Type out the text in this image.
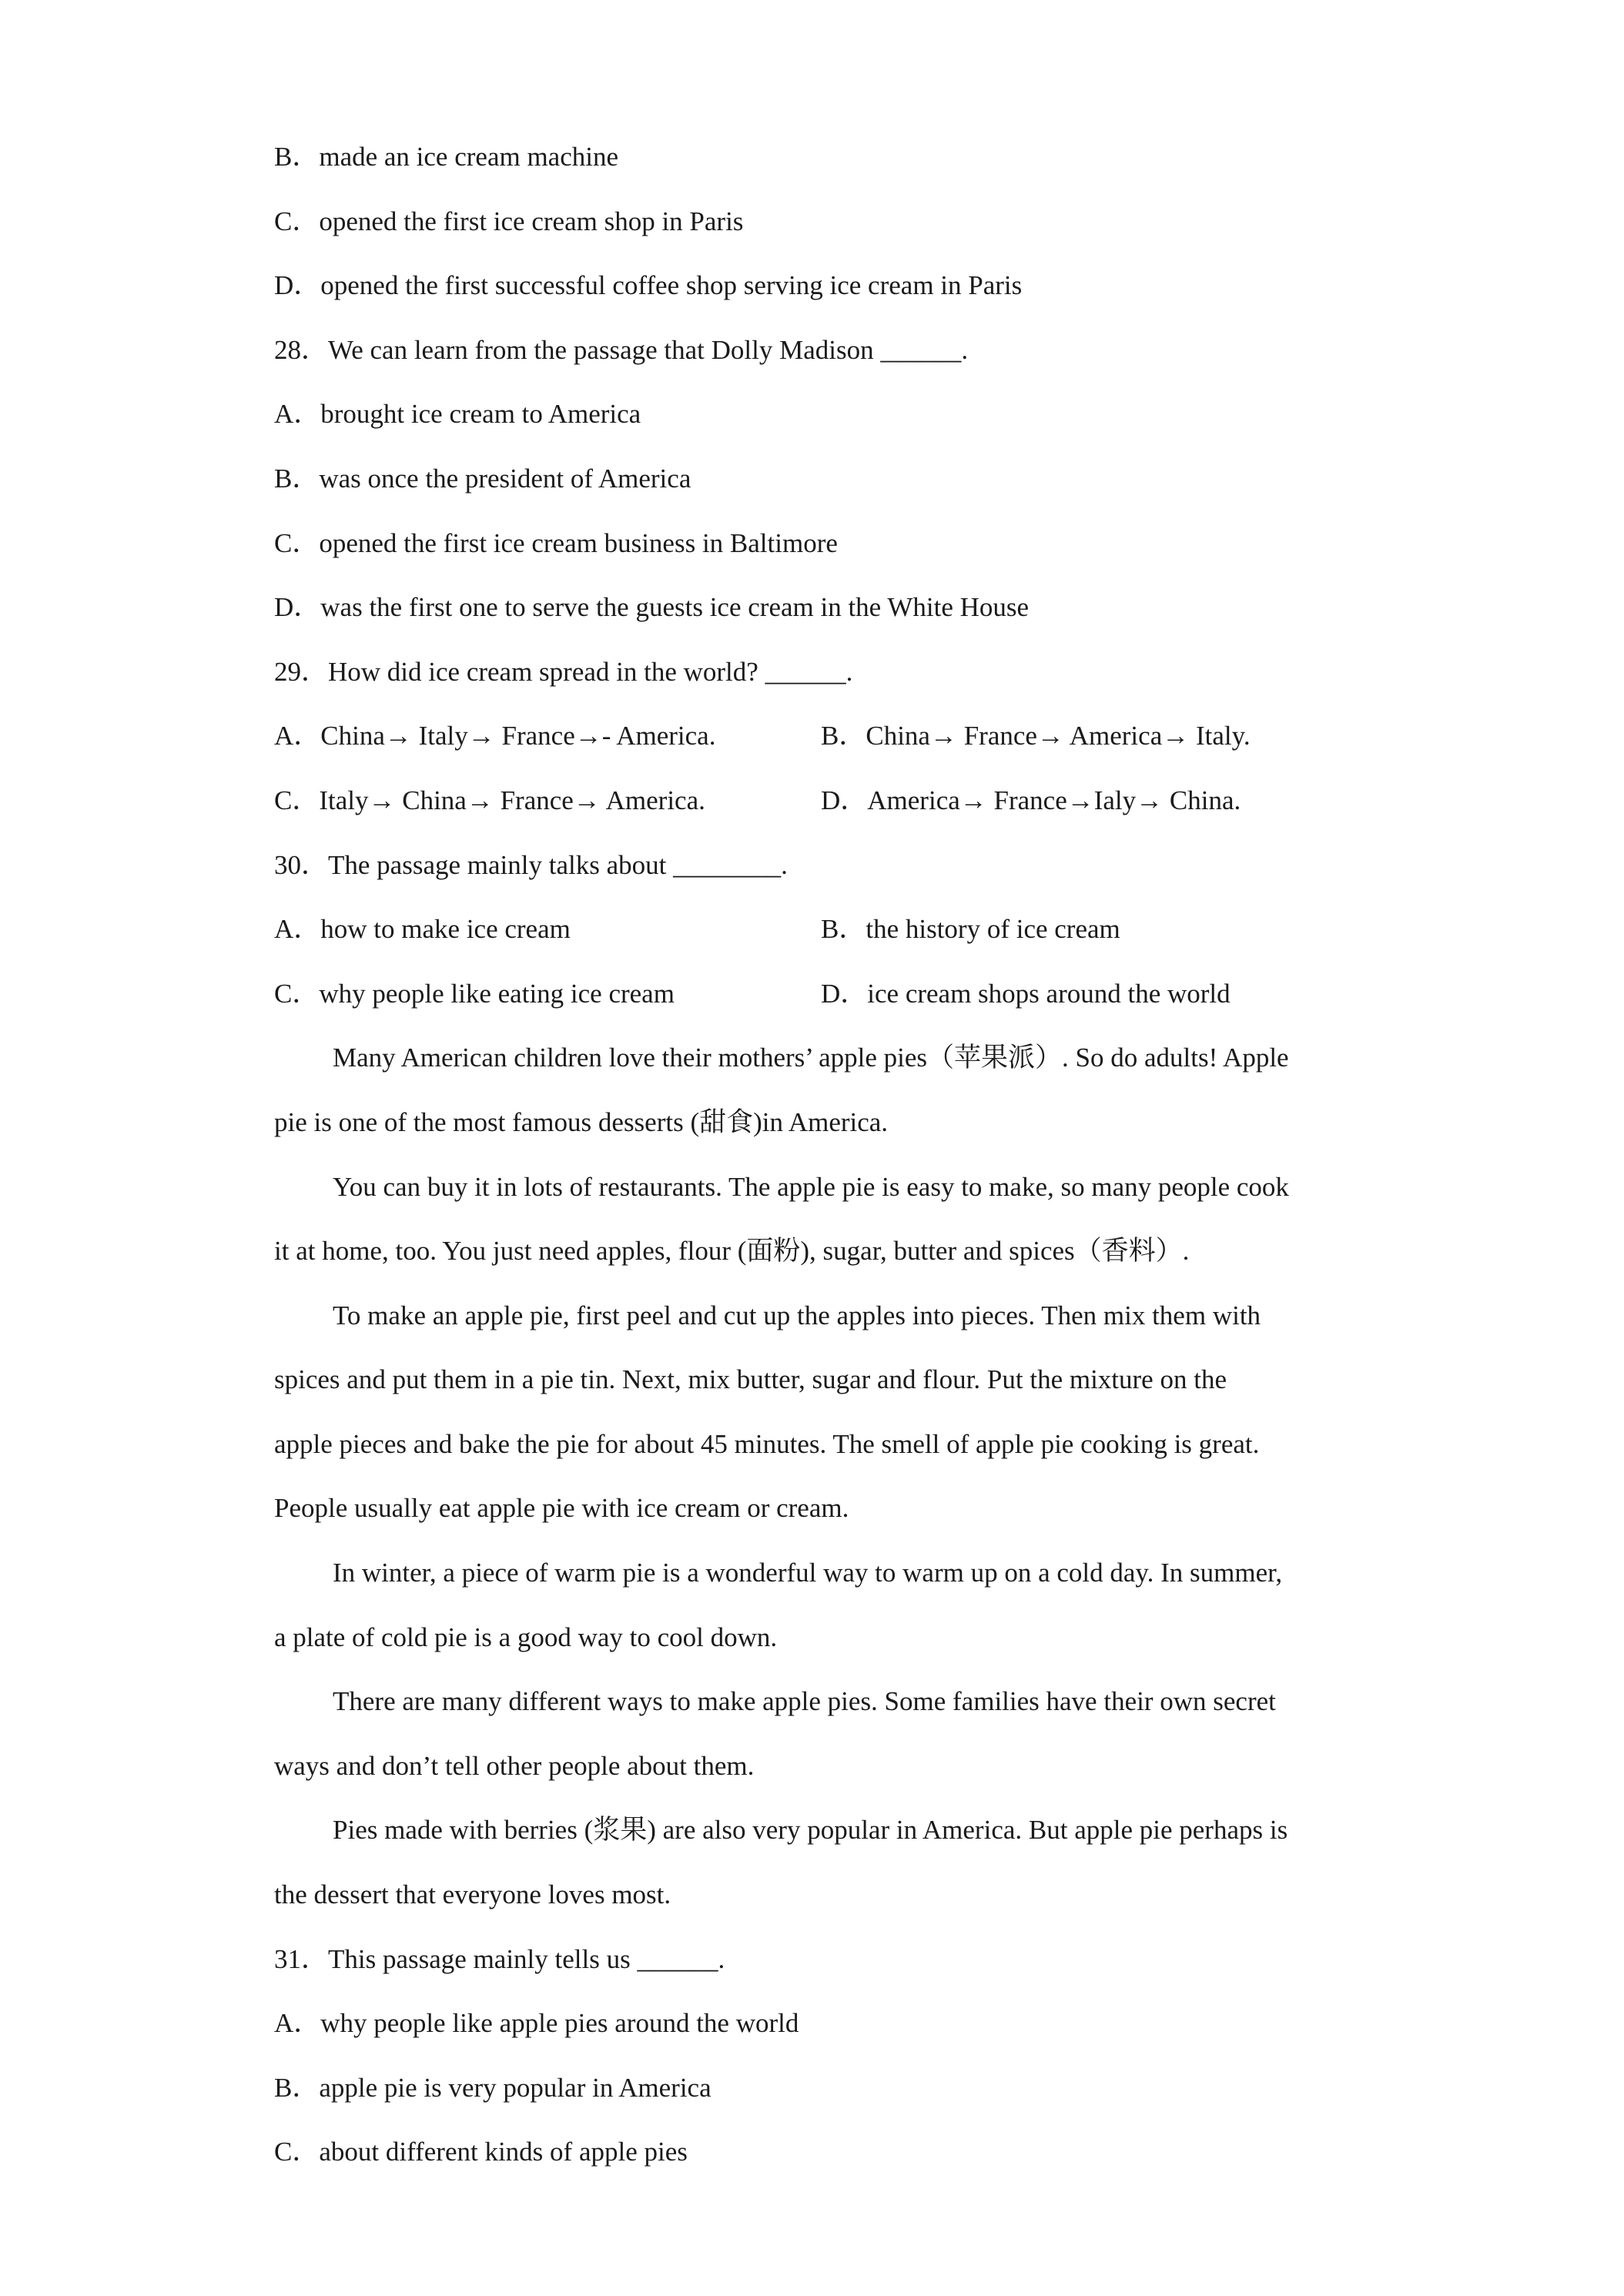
B．made an ice cream machine
C．opened the first ice cream shop in Paris
D．opened the first successful coffee shop serving ice cream in Paris
28．We can learn from the passage that Dolly Madison ______.
A．brought ice cream to America
B．was once the president of America
C．opened the first ice cream business in Baltimore
D．was the first one to serve the guests ice cream in the White House
29．How did ice cream spread in the world? ______.
A．China→ Italy→ France→- America.	B．China→ France→ America→ Italy.
C．Italy→ China→ France→ America.	D．America→ France→Ialy→ China.
30．The passage mainly talks about ________.
A．how to make ice cream	B．the history of ice cream
C．why people like eating ice cream	D．ice cream shops around the world
Many American children love their mothers’ apple pies（苹果派）. So do adults! Apple
pie is one of the most famous desserts (甜食)in America.
You can buy it in lots of restaurants. The apple pie is easy to make, so many people cook
it at home, too. You just need apples, flour (面粉), sugar, butter and spices（香料）.
To make an apple pie, first peel and cut up the apples into pieces. Then mix them with
spices and put them in a pie tin. Next, mix butter, sugar and flour. Put the mixture on the
apple pieces and bake the pie for about 45 minutes. The smell of apple pie cooking is great.
People usually eat apple pie with ice cream or cream.
In winter, a piece of warm pie is a wonderful way to warm up on a cold day. In summer,
a plate of cold pie is a good way to cool down.
There are many different ways to make apple pies. Some families have their own secret
ways and don’t tell other people about them.
Pies made with berries (浆果) are also very popular in America. But apple pie perhaps is
the dessert that everyone loves most.
31．This passage mainly tells us ______.
A．why people like apple pies around the world
B．apple pie is very popular in America
C．about different kinds of apple pies
